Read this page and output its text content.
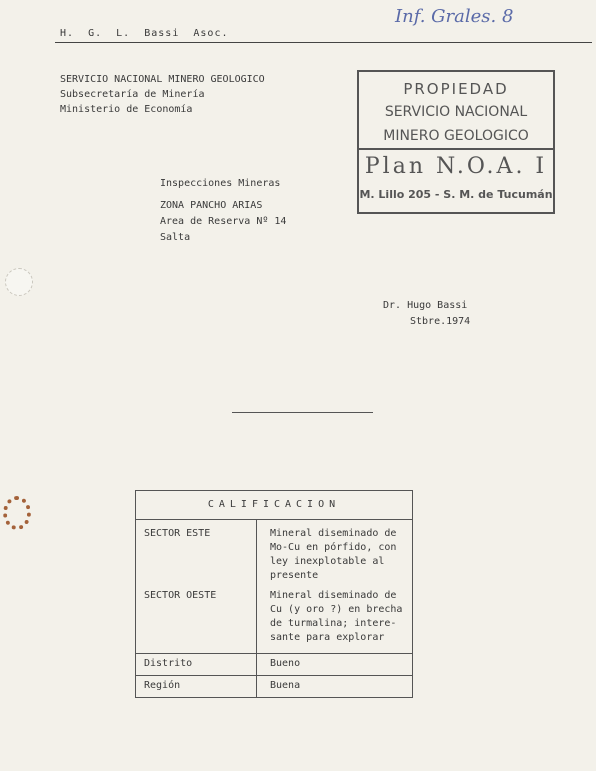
Inf. Grales. 8
H.  G.  L.  Bassi  Asoc.
SERVICIO NACIONAL MINERO GEOLOGICO
Subsecretaría de Minería
Ministerio de Economía
PROPIEDAD
SERVICIO NACIONAL
MINERO GEOLOGICO
Plan N.O.A. I
M. Lillo 205 - S. M. de Tucumán
Inspecciones Mineras
ZONA PANCHO ARIAS
Area de Reserva Nº 14
Salta
Dr. Hugo Bassi
Stbre.1974
CALIFICACION
SECTOR ESTE	Mineral diseminado de
Mo-Cu en pórfido, con
ley inexplotable al
presente
SECTOR OESTE	Mineral diseminado de
Cu (y oro ?) en brecha
de turmalina; intere-
sante para explorar
Distrito	Bueno
Región	Buena
